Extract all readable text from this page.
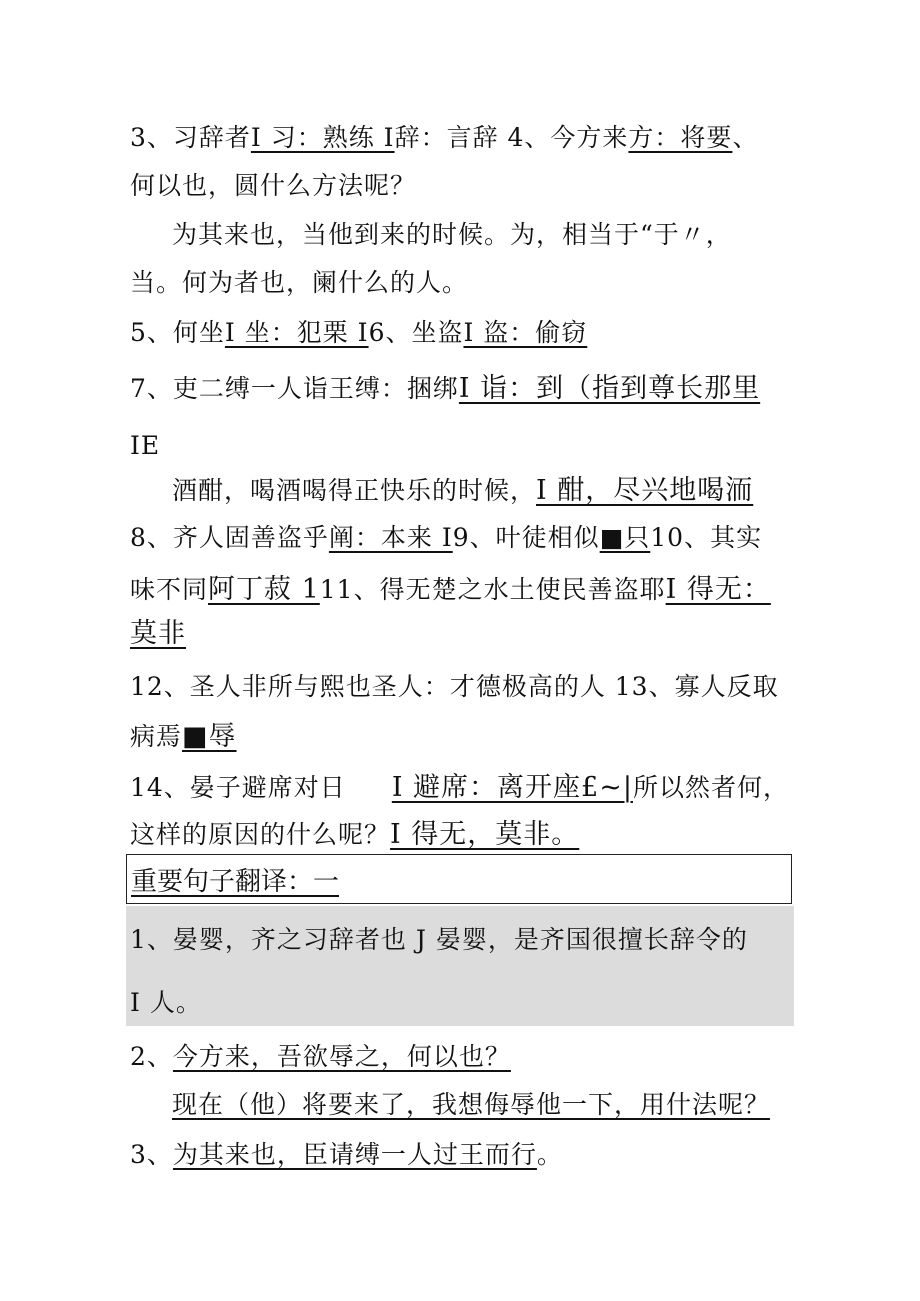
3、习辞者I 习：熟练 I辞：言辞 4、今方来方：将要、
何以也，圆什么方法呢？
为其来也，当他到来的时候。为，相当于“于〃，
当。何为者也，阑什么的人。
5、何坐I 坐：犯栗 I6、坐盗I 盗：偷窃
7、吏二缚一人诣王缚：捆绑I 诣：到（指到尊长那里
IE
酒酣，喝酒喝得正快乐的时候，I 酣，尽兴地喝洏
8、齐人固善盗乎阐：本来 I9、叶徒相似■只10、其实
味不同阿丁菽 111、得无楚之水土使民善盗耶I 得无：
莫非
12、圣人非所与熙也圣人：才德极高的人 13、寡人反取
病焉■辱
14、晏子避席对日 I 避席：离开座£~|所以然者何，
这样的原因的什么呢？I 得无，莫非。
重要句子翻译：一
1、晏婴，齐之习辞者也 J 晏婴，是齐国很擅长辞令的
I 人。
2、今方来，吾欲辱之，何以也？
现在（他）将要来了，我想侮辱他一下，用什法呢？
3、为其来也，臣请缚一人过王而行。
